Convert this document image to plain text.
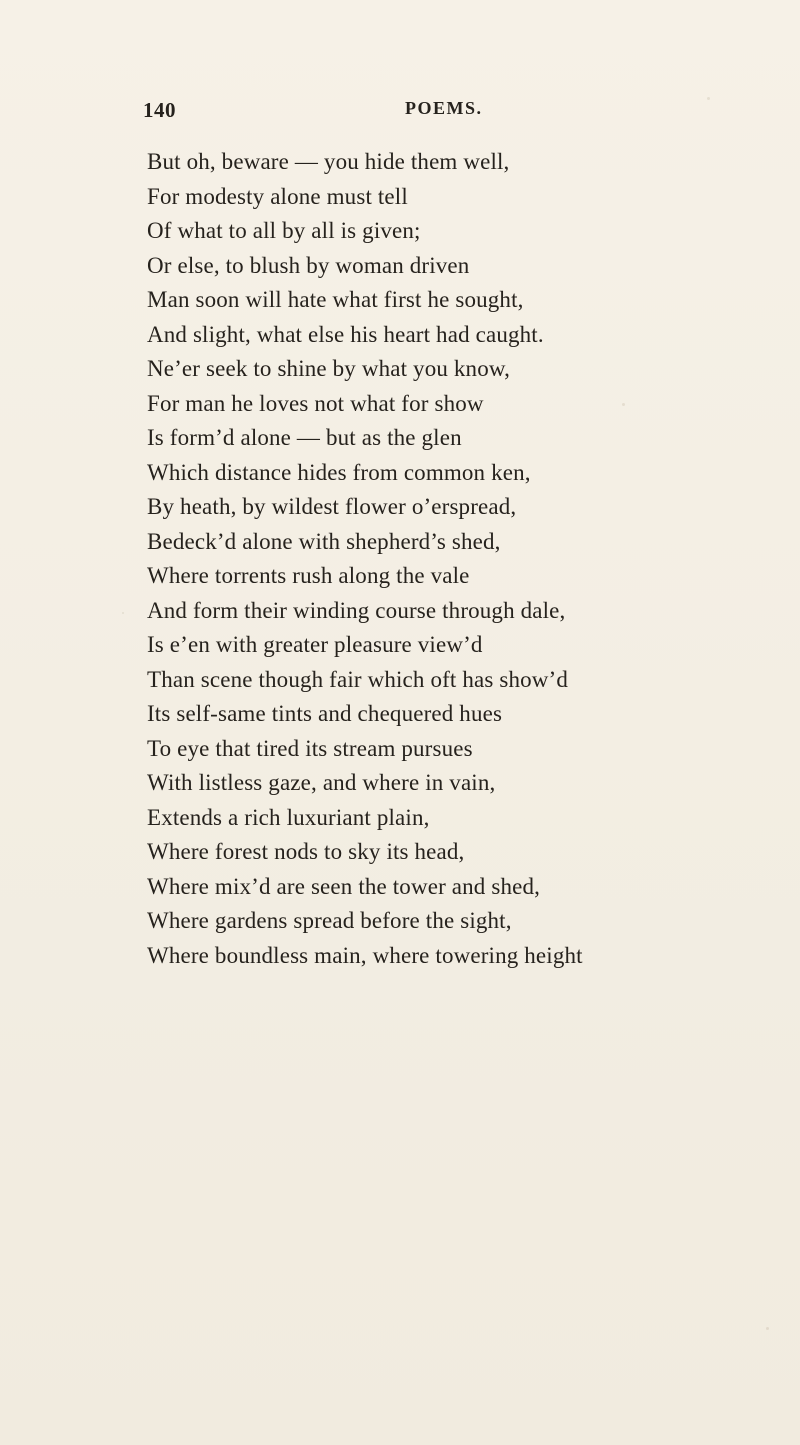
140	POEMS.
But oh, beware — you hide them well,
For modesty alone must tell
Of what to all by all is given;
Or else, to blush by woman driven
Man soon will hate what first he sought,
And slight, what else his heart had caught.
Ne’er seek to shine by what you know,
For man he loves not what for show
Is form’d alone — but as the glen
Which distance hides from common ken,
By heath, by wildest flower o’erspread,
Bedeck’d alone with shepherd’s shed,
Where torrents rush along the vale
And form their winding course through dale,
Is e’en with greater pleasure view’d
Than scene though fair which oft has show’d
Its self-same tints and chequered hues
To eye that tired its stream pursues
With listless gaze, and where in vain,
Extends a rich luxuriant plain,
Where forest nods to sky its head,
Where mix’d are seen the tower and shed,
Where gardens spread before the sight,
Where boundless main, where towering height
